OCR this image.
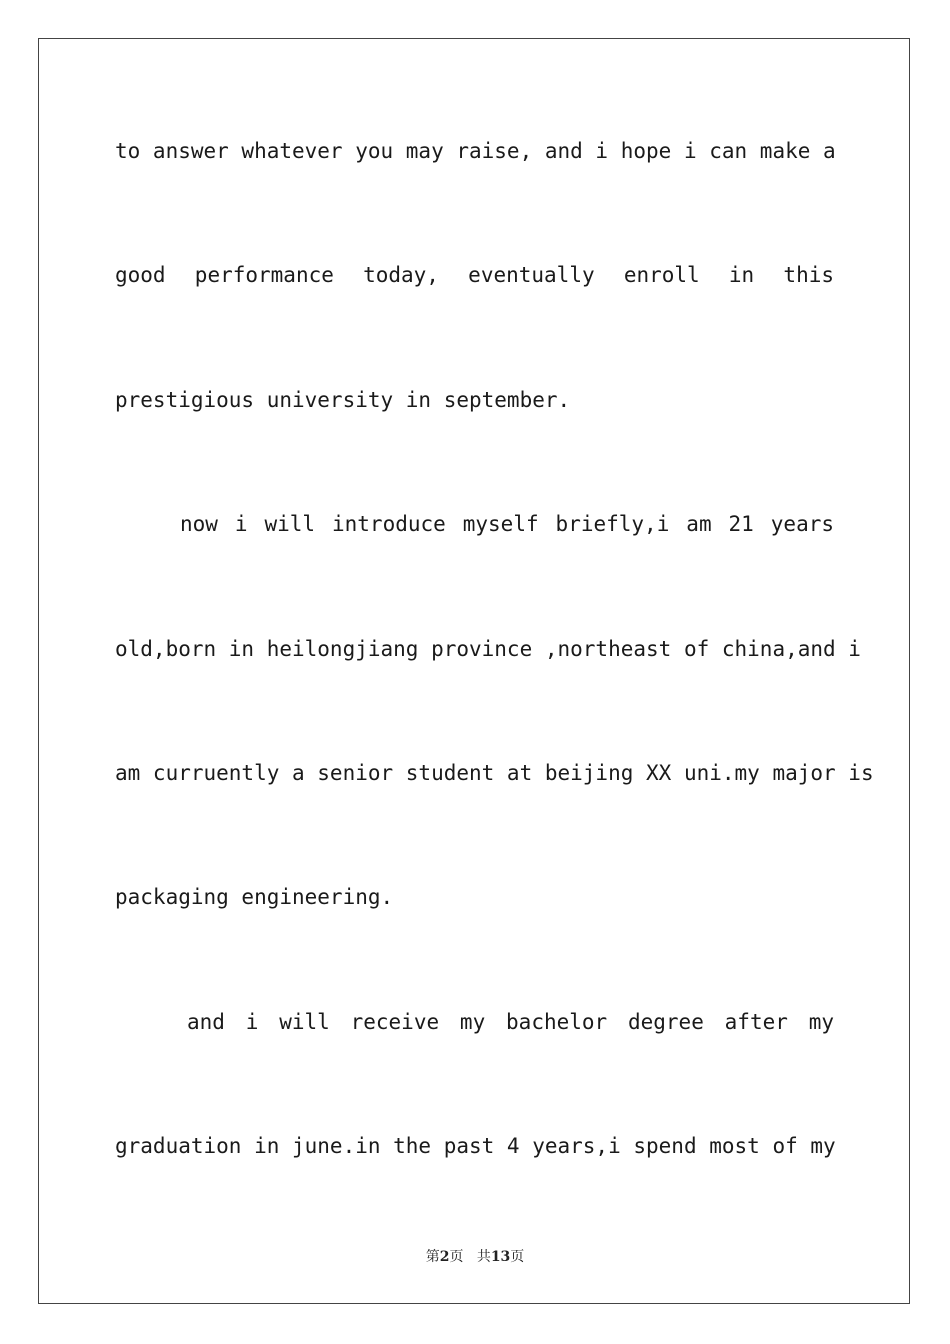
to answer whatever you may raise, and i hope i can make a
good performance today, eventually enroll in this
prestigious university in september.
now i will introduce myself briefly,i am 21 years
old,born in heilongjiang province ,northeast of china,and i
am curruently a senior student at beijing XX uni.my major is
packaging engineering.
and i will receive my bachelor degree after my
graduation in june.in the past 4 years,i spend most of my
第2页 共13页
